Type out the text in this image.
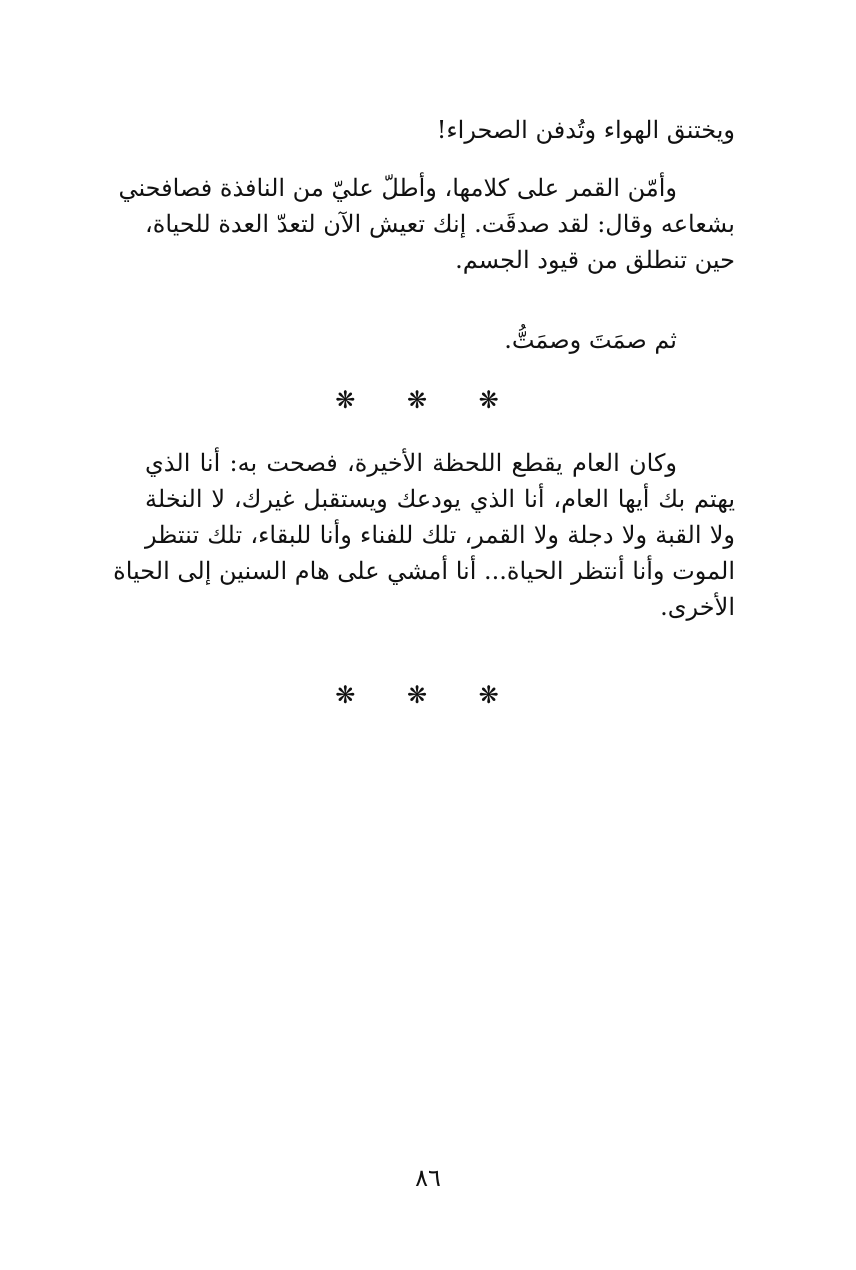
ويختنق الهواء وتُدفن الصحراء!
وأمّن القمر على كلامها، وأطلّ عليّ من النافذة فصافحني
بشعاعه وقال: لقد صدقَت. إنك تعيش الآن لتعدّ العدة للحياة،
حين تنطلق من قيود الجسم.
ثم صمَتَ وصمَتُّ.
❋ ❋ ❋
وكان العام يقطع اللحظة الأخيرة، فصحت به: أنا الذي
يهتم بك أيها العام، أنا الذي يودعك ويستقبل غيرك، لا النخلة
ولا القبة ولا دجلة ولا القمر، تلك للفناء وأنا للبقاء، تلك تنتظر
الموت وأنا أنتظر الحياة... أنا أمشي على هام السنين إلى الحياة
الأخرى.
❋ ❋ ❋
٨٦
